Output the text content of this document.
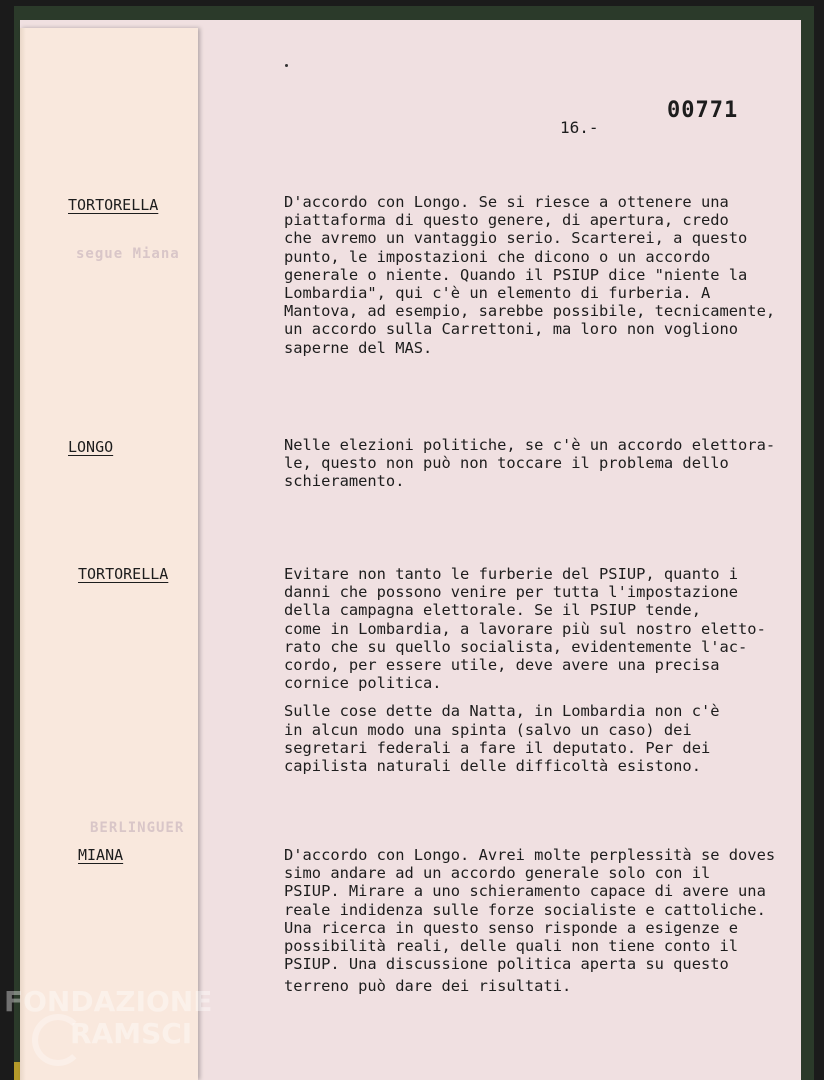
segue Miana
BERLINGUER
16.-
00771
TORTORELLA	D'accordo con Longo. Se si riesce a ottenere una
piattaforma di questo genere, di apertura, credo
che avremo un vantaggio serio. Scarterei, a questo
punto, le impostazioni che dicono o un accordo
generale o niente. Quando il PSIUP dice "niente la
Lombardia", qui c'è un elemento di furberia. A
Mantova, ad esempio, sarebbe possibile, tecnicamente,
un accordo sulla Carrettoni, ma loro non vogliono
saperne del MAS.
LONGO	Nelle elezioni politiche, se c'è un accordo elettora-
le, questo non può non toccare il problema dello
schieramento.
TORTORELLA	Evitare non tanto le furberie del PSIUP, quanto i
danni che possono venire per tutta l'impostazione
della campagna elettorale. Se il PSIUP tende,
come in Lombardia, a lavorare più sul nostro eletto-
rato che su quello socialista, evidentemente l'ac-
cordo, per essere utile, deve avere una precisa
cornice politica.
Sulle cose dette da Natta, in Lombardia non c'è
in alcun modo una spinta (salvo un caso) dei
segretari federali a fare il deputato. Per dei
capilista naturali delle difficoltà esistono.
MIANA	D'accordo con Longo. Avrei molte perplessità se doves
simo andare ad un accordo generale solo con il
PSIUP. Mirare a uno schieramento capace di avere una
reale indidenza sulle forze socialiste e cattoliche.
Una ricerca in questo senso risponde a esigenze e
possibilità reali, delle quali non tiene conto il
PSIUP. Una discussione politica aperta su questo
terreno può dare dei risultati.
FONDAZIONE
RAMSCI
